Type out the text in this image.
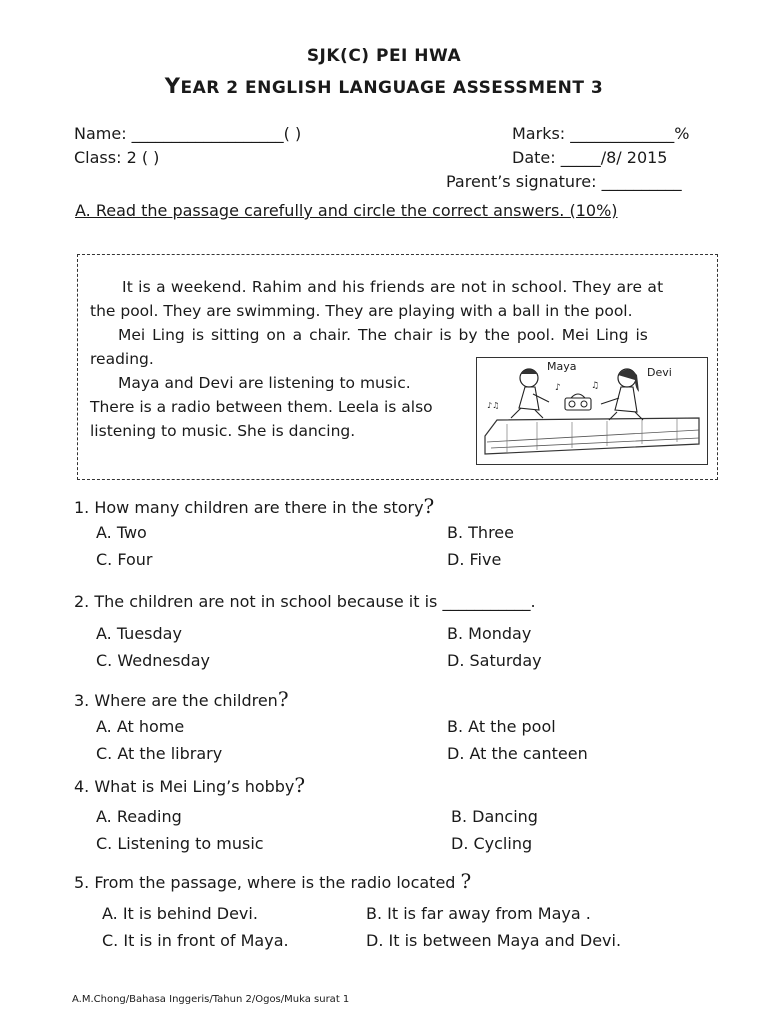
SJK(C) PEI HWA
YEAR 2 ENGLISH LANGUAGE ASSESSMENT 3
Name: ___________________( )	Marks: _____________%
Class: 2 ( )	Date: _____/8/ 2015
Parent’s signature: __________
A. Read the passage carefully and circle the correct answers. (10%)
It is a weekend. Rahim and his friends are not in school. They are at
the pool. They are swimming. They are playing with a ball in the pool.
Mei Ling is sitting on a chair. The chair is by the pool. Mei Ling is
reading.
Maya and Devi are listening to music.
There is a radio between them. Leela is also
listening to music. She is dancing.
♪	♫
♪♫
Maya	Devi
1. How many children are there in the story?
A. Two	B. Three
C. Four	D. Five
2. The children are not in school because it is ___________.
A. Tuesday	B. Monday
C. Wednesday	D. Saturday
3. Where are the children?
A. At home	B. At the pool
C. At the library	D. At the canteen
4. What is Mei Ling’s hobby?
A. Reading	B. Dancing
C. Listening to music	D. Cycling
5. From the passage, where is the radio located ?
A. It is behind Devi.	B. It is far away from Maya .
C. It is in front of Maya.	D. It is between Maya and Devi.
A.M.Chong/Bahasa Inggeris/Tahun 2/Ogos/Muka surat 1
